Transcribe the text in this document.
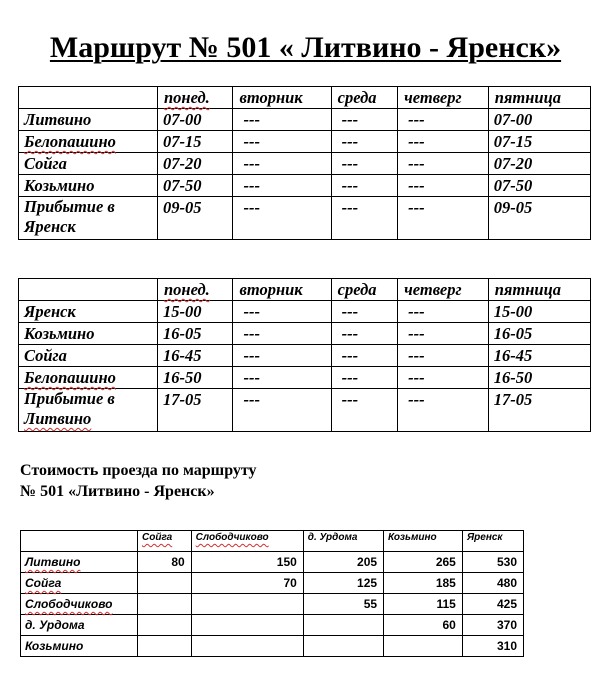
Маршрут № 501 « Литвино - Яренск»
	понед.	вторник	среда	четверг	пятница
Литвино	07-00	---	---	---	07-00
Белопашино	07-15	---	---	---	07-15
Сойга	07-20	---	---	---	07-20
Козьмино	07-50	---	---	---	07-50
Прибытие в
Яренск	09-05	---	---	---	09-05
	понед.	вторник	среда	четверг	пятница
Яренск	15-00	---	---	---	15-00
Козьмино	16-05	---	---	---	16-05
Сойга	16-45	---	---	---	16-45
Белопашино	16-50	---	---	---	16-50
Прибытие в
Литвино	17-05	---	---	---	17-05
Стоимость проезда по маршруту
№ 501 «Литвино - Яренск»
	Сойга	Слободчиково	д. Урдома	Козьмино	Яренск
Литвино	80	150	205	265	530
Сойга		70	125	185	480
Слободчиково			55	115	425
д. Урдома				60	370
Козьмино					310
